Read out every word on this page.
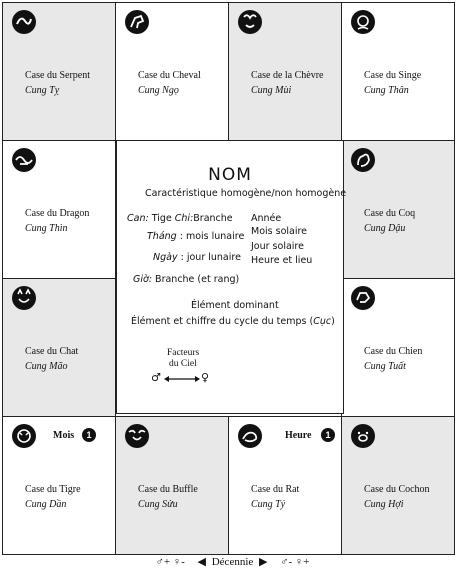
Case du Serpent
Cung Tỵ
Case du Cheval
Cung Ngọ
Case de la Chèvre
Cung Mùi
Case du Singe
Cung Thân
Case du Dragon
Cung Thìn
Case du Coq
Cung Dậu
Case du Chat
Cung Mão
Case du Chien
Cung Tuất
Mois	1
Case du Tigre
Cung Dần
Case du Buffle
Cung Sửu
Heure	1
Case du Rat
Cung Tý
Case du Cochon
Cung Hợi
NOM
Caractéristique homogène/non homogène
Can: Tige Chi:Branche Année
Tháng : mois lunaire Mois solaire
Jour solaire
Ngày : jour lunaire Heure et lieu
Giờ: Branche (et rang)
Élément dominant
Élément et chiffre du cycle du temps (Cục)
Facteurs
du Ciel
♂	♀
♂+ ♀- ◀ Décennie ▶ ♂- ♀+
